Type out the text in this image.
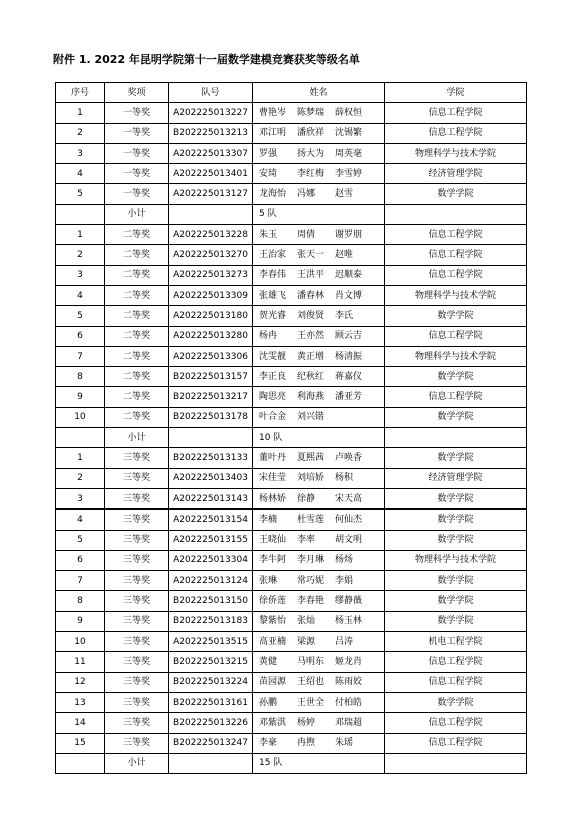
附件 1. 2022 年昆明学院第十一届数学建模竞赛获奖等级名单
序号	奖项	队号	姓名	学院
1	一等奖	A202225013227	曹艳岑 陈梦瑞 薛权恒	信息工程学院
2	一等奖	B202225013213	邓江明 潘欣祥 沈锡繁	信息工程学院
3	一等奖	A202225013307	罗强 扬大为 周英毫	物理科学与技术学院
4	一等奖	A202225013401	安琦 李红梅 李雪婷	经济管理学院
5	一等奖	A202225013127	龙海怡 冯娜 赵雪	数学学院
	小计		5 队	
1	二等奖	A202225013228	朱玉 周倩 谢罗朋	信息工程学院
2	二等奖	A202225013270	王治家 张天一 赵唯	信息工程学院
3	二等奖	A202225013273	李春伟 王洪平 迟顺泰	信息工程学院
4	二等奖	A202225013309	张雄飞 潘春林 肖文博	物理科学与技术学院
5	二等奖	A202225013180	贺光睿 刘俊贤 李氏	数学学院
6	二等奖	A202225013280	杨冉 王亦然 顾云吉	信息工程学院
7	二等奖	A202225013306	沈雯靓 黄正增 杨清振	物理科学与技术学院
8	二等奖	B202225013157	李正良 纪秋红 蒋嘉仪	数学学院
9	二等奖	B202225013217	陶思亮 利海燕 潘亚芳	信息工程学院
10	二等奖	B202225013178	叶合金 刘兴锴	数学学院
	小计		10 队	
1	三等奖	B202225013133	董叶丹 夏熙茜 卢唤香	数学学院
2	三等奖	A202225013403	宋佳莹 刘培娇 杨积	经济管理学院
3	三等奖	A202225013143	杨林娇 徐静 宋天高	数学学院
4	三等奖	A202225013154	李楠 杜雪莲 何仙杰	数学学院
5	三等奖	A202225013155	王晓仙 李率 胡文明	数学学院
6	三等奖	A202225013304	李牛阿 李月琳 杨炀	物理科学与技术学院
7	三等奖	A202225013124	张琳 常巧妮 李娟	数学学院
8	三等奖	B202225013150	徐侨莲 李春艳 缪静薇	数学学院
9	三等奖	B202225013183	黎紫怡 张灿 杨玉林	数学学院
10	三等奖	A202225013515	高亚楠 梁源 吕涛	机电工程学院
11	三等奖	B202225013215	黄健 马明东 姬龙肖	信息工程学院
12	三等奖	B202225013224	苗园源 王绍也 陈雨姣	信息工程学院
13	三等奖	B202225013161	孙鹏 王世全 付柏皓	数学学院
14	三等奖	B202225013226	邓紫淇 杨婷 邓瑞超	信息工程学院
15	三等奖	B202225013247	李豪 冉煦 朱瑶	信息工程学院
	小计		15 队	
